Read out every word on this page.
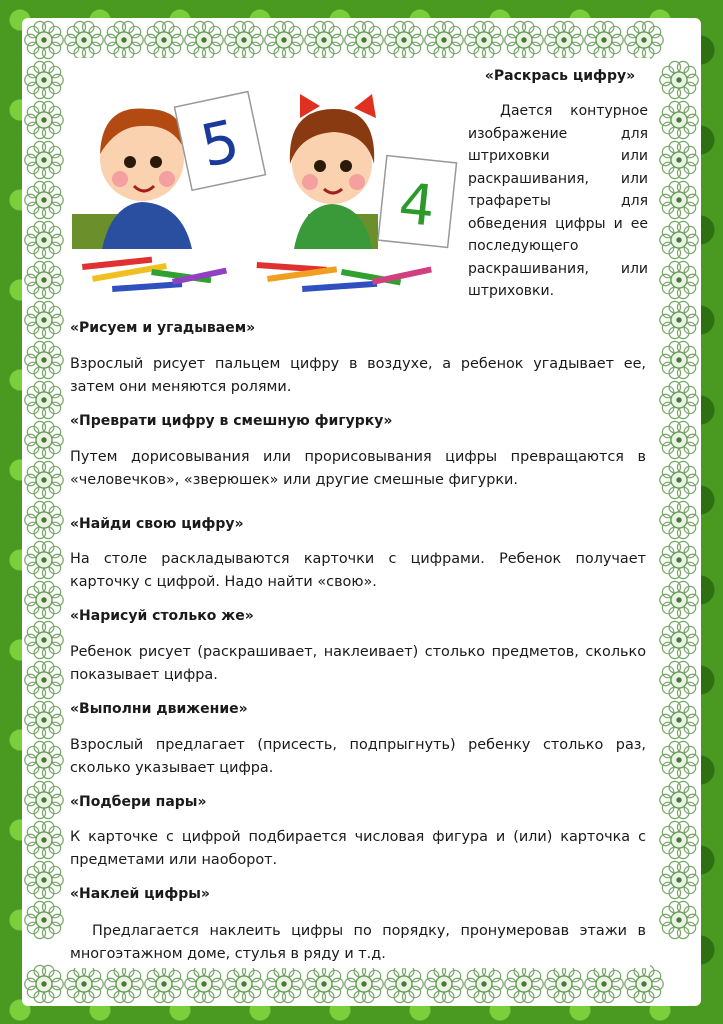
5
4
«Раскрась цифру»
Дается контурное изображение для штриховки или раскрашивания, или трафареты для обведения цифры и ее последующего раскрашивания, или штриховки.
«Рисуем и угадываем»
Взрослый рисует пальцем цифру в воздухе, а ребенок угадывает ее, затем они меняются ролями.
«Преврати цифру в смешную фигурку»
Путем дорисовывания или прорисовывания цифры превращаются в «человечков», «зверюшек» или другие смешные фигурки.
«Найди свою цифру»
На столе раскладываются карточки с цифрами. Ребенок получает карточку с цифрой. Надо найти «свою».
«Нарисуй столько же»
Ребенок рисует (раскрашивает, наклеивает) столько предметов, сколько показывает цифра.
«Выполни движение»
Взрослый предлагает (присесть, подпрыгнуть) ребенку столько раз, сколько указывает цифра.
«Подбери пары»
К карточке с цифрой подбирается числовая фигура и (или) карточка с предметами или наоборот.
«Наклей цифры»
Предлагается наклеить цифры по порядку, пронумеровав этажи в многоэтажном доме, стулья в ряду и т.д.
